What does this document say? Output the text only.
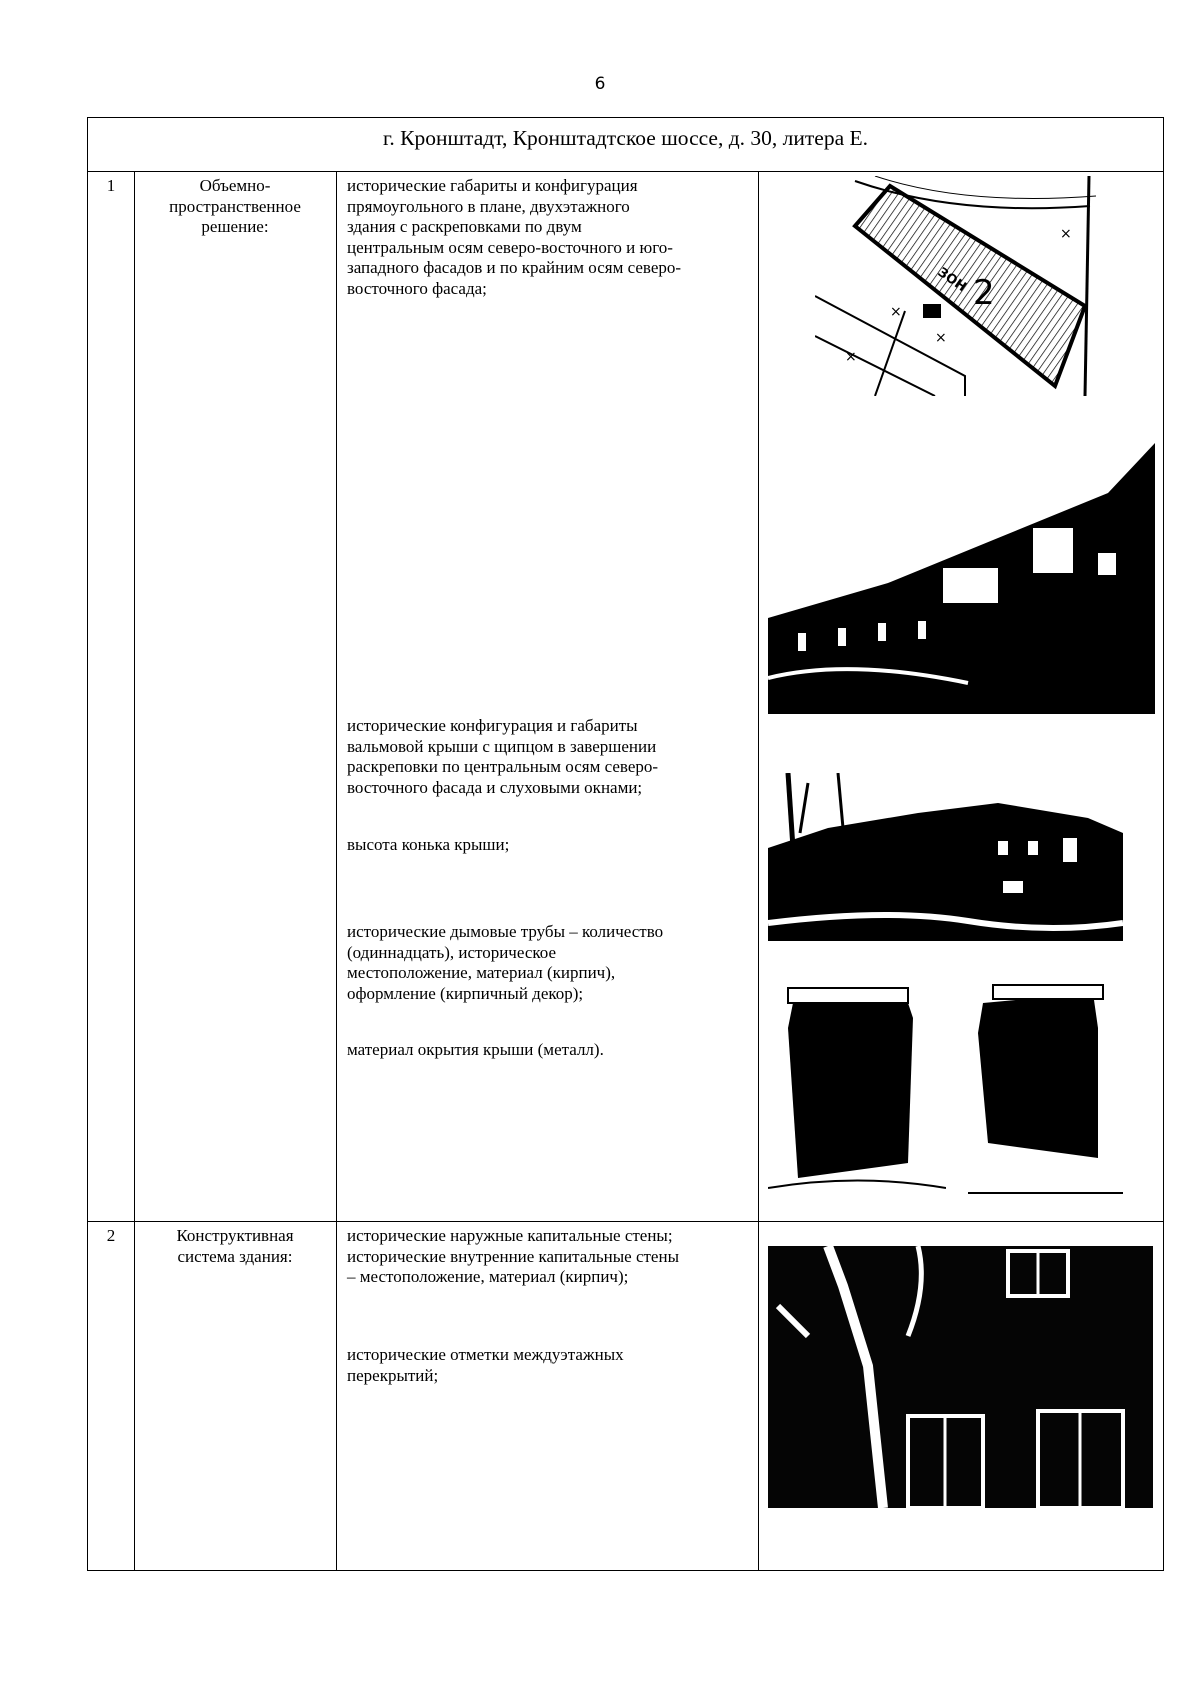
6
г. Кронштадт, Кронштадтское шоссе, д. 30, литера Е.
1	Объемно-
пространственное
решение:
исторические габариты и конфигурация
прямоугольного в плане, двухэтажного
здания с раскреповками по двум
центральным осям северо-восточного и юго-
западного фасадов и по крайним осям северо-
восточного фасада;
исторические конфигурация и габариты
вальмовой крыши с щипцом в завершении
раскреповки по центральным осям северо-
восточного фасада и слуховыми окнами;
высота конька крыши;
исторические дымовые трубы – количество
(одиннадцать), историческое
местоположение, материал (кирпич),
оформление (кирпичный декор);
материал окрытия крыши (металл).
2
ЗОН
×
×
×
×
2	Конструктивная
система здания:
исторические наружные капитальные стены;
исторические внутренние капитальные стены
– местоположение, материал (кирпич);
исторические отметки междуэтажных
перекрытий;
